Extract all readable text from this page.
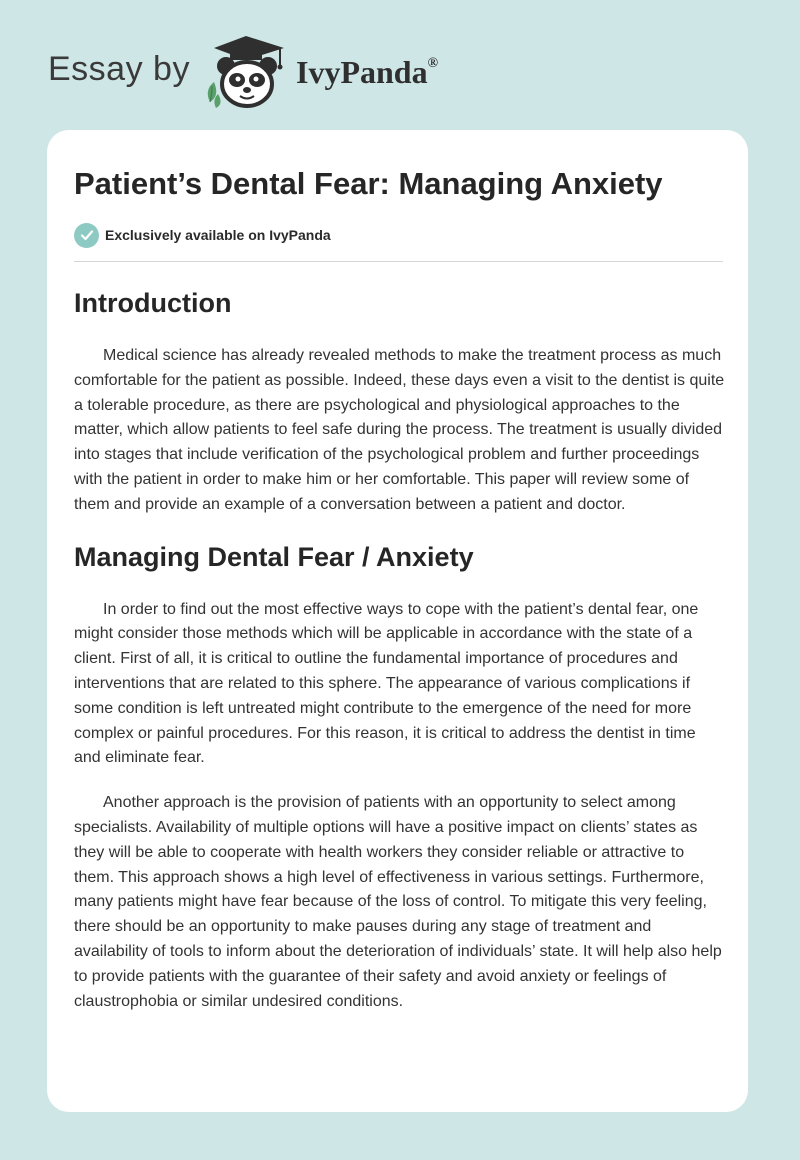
Essay by	IvyPanda®
Patient’s Dental Fear: Managing Anxiety
Exclusively available on IvyPanda
Introduction

Medical science has already revealed methods to make the treatment process as much comfortable for the patient as possible. Indeed, these days even a visit to the dentist is quite a tolerable procedure, as there are psychological and physiological approaches to the matter, which allow patients to feel safe during the process. The treatment is usually divided into stages that include verification of the psychological problem and further proceedings with the patient in order to make him or her comfortable. This paper will review some of them and provide an example of a conversation between a patient and doctor.

Managing Dental Fear / Anxiety

In order to find out the most effective ways to cope with the patient’s dental fear, one might consider those methods which will be applicable in accordance with the state of a client. First of all, it is critical to outline the fundamental importance of procedures and interventions that are related to this sphere. The appearance of various complications if some condition is left untreated might contribute to the emergence of the need for more complex or painful procedures. For this reason, it is critical to address the dentist in time and eliminate fear.

Another approach is the provision of patients with an opportunity to select among specialists. Availability of multiple options will have a positive impact on clients’ states as they will be able to cooperate with health workers they consider reliable or attractive to them. This approach shows a high level of effectiveness in various settings. Furthermore, many patients might have fear because of the loss of control. To mitigate this very feeling, there should be an opportunity to make pauses during any stage of treatment and availability of tools to inform about the deterioration of individuals’ state. It will help also help to provide patients with the guarantee of their safety and avoid anxiety or feelings of claustrophobia or similar undesired conditions.
